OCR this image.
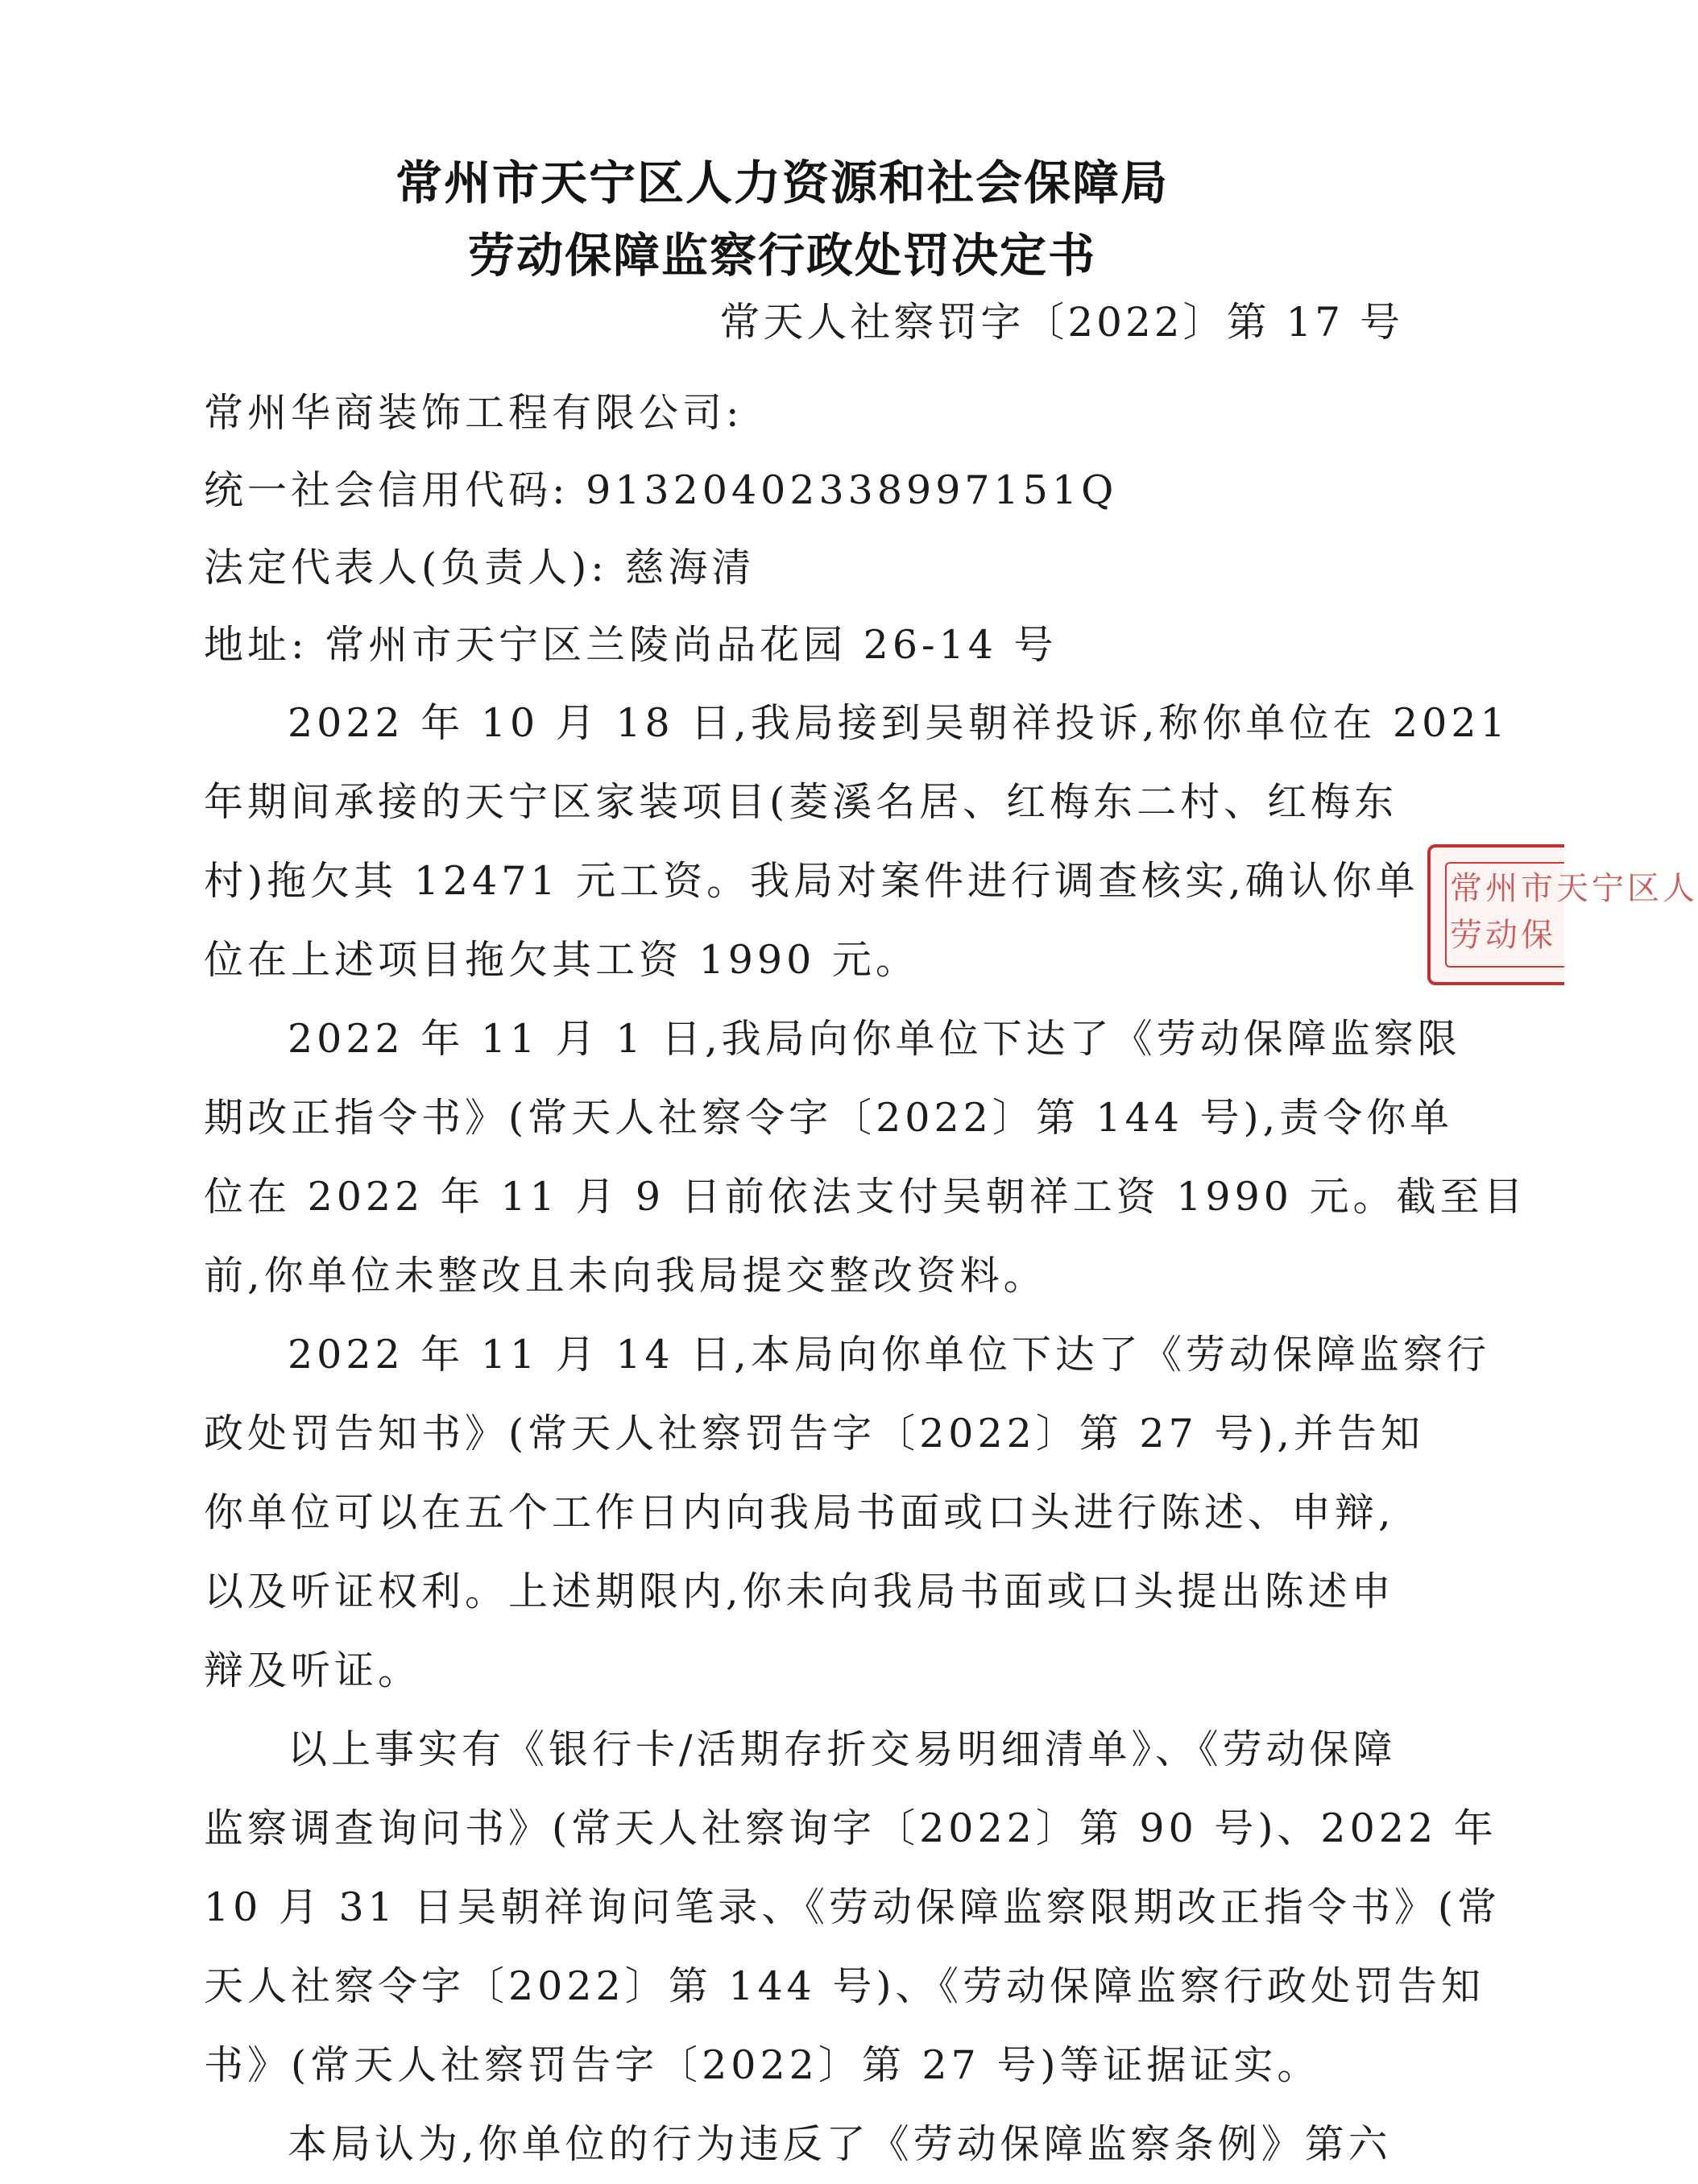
常州市天宁区人力资源和社会保障局
劳动保障监察行政处罚决定书
常天人社察罚字〔2022〕第 17 号
常州华商装饰工程有限公司:
统一社会信用代码: 91320402338997151Q
法定代表人(负责人): 慈海清
地址: 常州市天宁区兰陵尚品花园 26-14 号
2022 年 10 月 18 日,我局接到吴朝祥投诉,称你单位在 2021
年期间承接的天宁区家装项目(菱溪名居、红梅东二村、红梅东
村)拖欠其 12471 元工资。我局对案件进行调查核实,确认你单
位在上述项目拖欠其工资 1990 元。
2022 年 11 月 1 日,我局向你单位下达了《劳动保障监察限
期改正指令书》(常天人社察令字〔2022〕第 144 号),责令你单
位在 2022 年 11 月 9 日前依法支付吴朝祥工资 1990 元。截至目
前,你单位未整改且未向我局提交整改资料。
2022 年 11 月 14 日,本局向你单位下达了《劳动保障监察行
政处罚告知书》(常天人社察罚告字〔2022〕第 27 号),并告知
你单位可以在五个工作日内向我局书面或口头进行陈述、申辩,
以及听证权利。上述期限内,你未向我局书面或口头提出陈述申
辩及听证。
以上事实有《银行卡/活期存折交易明细清单》、《劳动保障
监察调查询问书》(常天人社察询字〔2022〕第 90 号)、2022 年
10 月 31 日吴朝祥询问笔录、《劳动保障监察限期改正指令书》(常
天人社察令字〔2022〕第 144 号)、《劳动保障监察行政处罚告知
书》(常天人社察罚告字〔2022〕第 27 号)等证据证实。
本局认为,你单位的行为违反了《劳动保障监察条例》第六
常州市天宁区人
劳动保
